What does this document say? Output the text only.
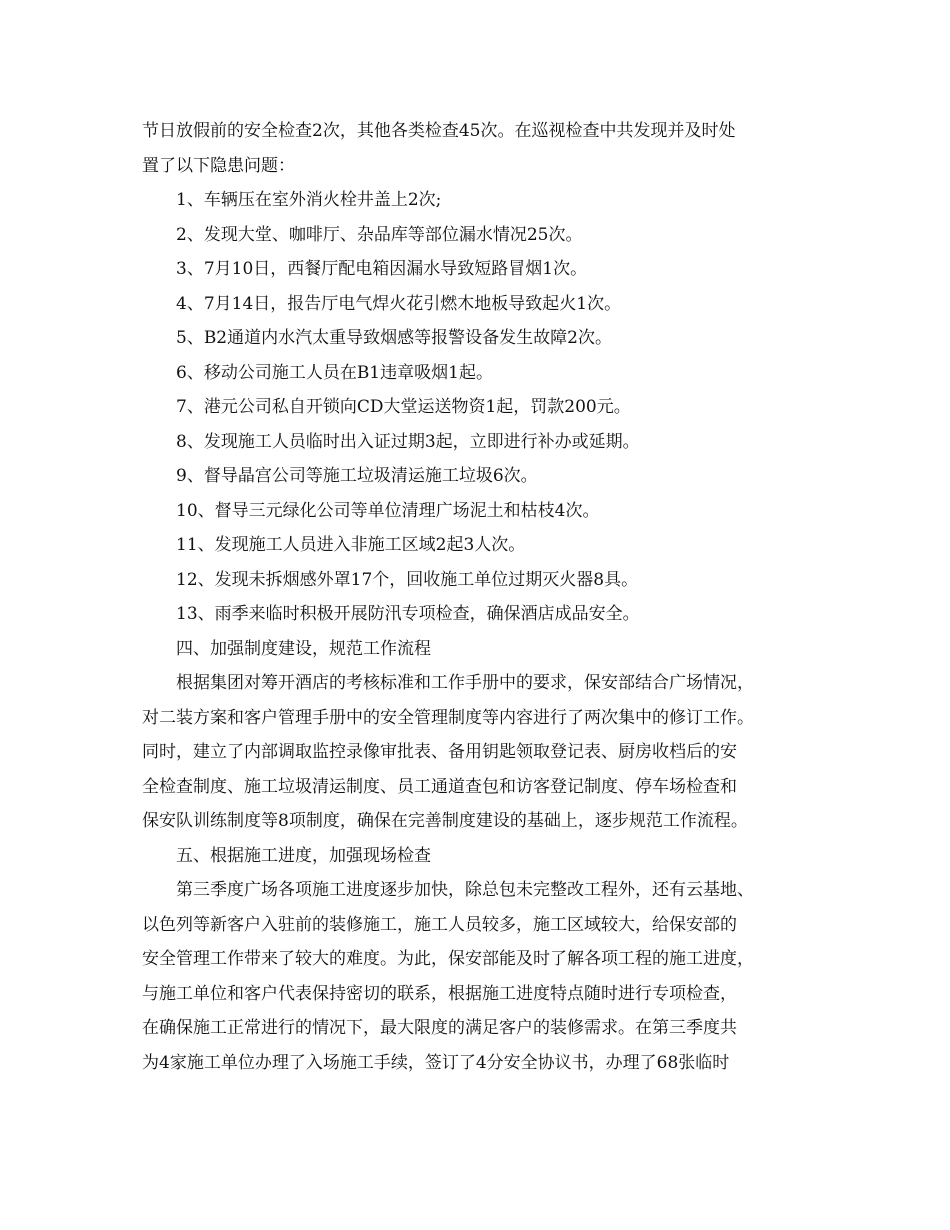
节日放假前的安全检查2次，其他各类检查45次。在巡视检查中共发现并及时处
置了以下隐患问题：
1、车辆压在室外消火栓井盖上2次;
2、发现大堂、咖啡厅、杂品库等部位漏水情况25次。
3、7月10日，西餐厅配电箱因漏水导致短路冒烟1次。
4、7月14日，报告厅电气焊火花引燃木地板导致起火1次。
5、B2通道内水汽太重导致烟感等报警设备发生故障2次。
6、移动公司施工人员在B1违章吸烟1起。
7、港元公司私自开锁向CD大堂运送物资1起，罚款200元。
8、发现施工人员临时出入证过期3起，立即进行补办或延期。
9、督导晶宫公司等施工垃圾清运施工垃圾6次。
10、督导三元绿化公司等单位清理广场泥土和枯枝4次。
11、发现施工人员进入非施工区域2起3人次。
12、发现未拆烟感外罩17个，回收施工单位过期灭火器8具。
13、雨季来临时积极开展防汛专项检查，确保酒店成品安全。
四、加强制度建设，规范工作流程
根据集团对筹开酒店的考核标准和工作手册中的要求，保安部结合广场情况，
对二装方案和客户管理手册中的安全管理制度等内容进行了两次集中的修订工作。
同时，建立了内部调取监控录像审批表、备用钥匙领取登记表、厨房收档后的安
全检查制度、施工垃圾清运制度、员工通道查包和访客登记制度、停车场检查和
保安队训练制度等8项制度，确保在完善制度建设的基础上，逐步规范工作流程。
五、根据施工进度，加强现场检查
第三季度广场各项施工进度逐步加快，除总包未完整改工程外，还有云基地、
以色列等新客户入驻前的装修施工，施工人员较多，施工区域较大，给保安部的
安全管理工作带来了较大的难度。为此，保安部能及时了解各项工程的施工进度，
与施工单位和客户代表保持密切的联系，根据施工进度特点随时进行专项检查，
在确保施工正常进行的情况下，最大限度的满足客户的装修需求。在第三季度共
为4家施工单位办理了入场施工手续，签订了4分安全协议书，办理了68张临时
